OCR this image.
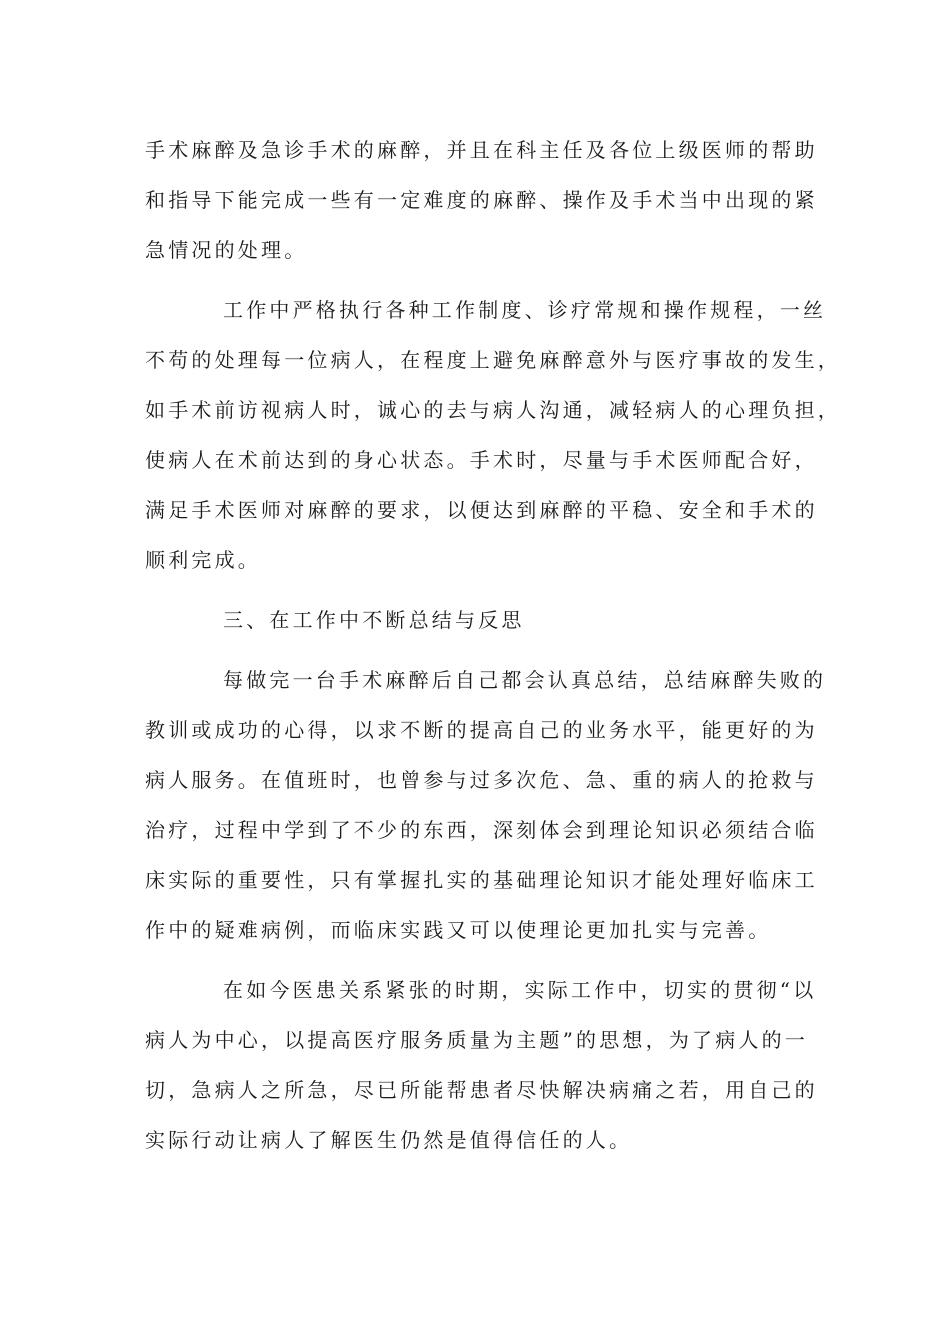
手术麻醉及急诊手术的麻醉，并且在科主任及各位上级医师的帮助
和指导下能完成一些有一定难度的麻醉、操作及手术当中出现的紧
急情况的处理。
工作中严格执行各种工作制度、诊疗常规和操作规程，一丝
不苟的处理每一位病人，在程度上避免麻醉意外与医疗事故的发生，
如手术前访视病人时，诚心的去与病人沟通，减轻病人的心理负担，
使病人在术前达到的身心状态。手术时，尽量与手术医师配合好，
满足手术医师对麻醉的要求，以便达到麻醉的平稳、安全和手术的
顺利完成。
三、在工作中不断总结与反思
每做完一台手术麻醉后自己都会认真总结，总结麻醉失败的
教训或成功的心得，以求不断的提高自己的业务水平，能更好的为
病人服务。在值班时，也曾参与过多次危、急、重的病人的抢救与
治疗，过程中学到了不少的东西，深刻体会到理论知识必须结合临
床实际的重要性，只有掌握扎实的基础理论知识才能处理好临床工
作中的疑难病例，而临床实践又可以使理论更加扎实与完善。
在如今医患关系紧张的时期，实际工作中，切实的贯彻“以
病人为中心，以提高医疗服务质量为主题”的思想，为了病人的一
切，急病人之所急，尽已所能帮患者尽快解决病痛之若，用自己的
实际行动让病人了解医生仍然是值得信任的人。
